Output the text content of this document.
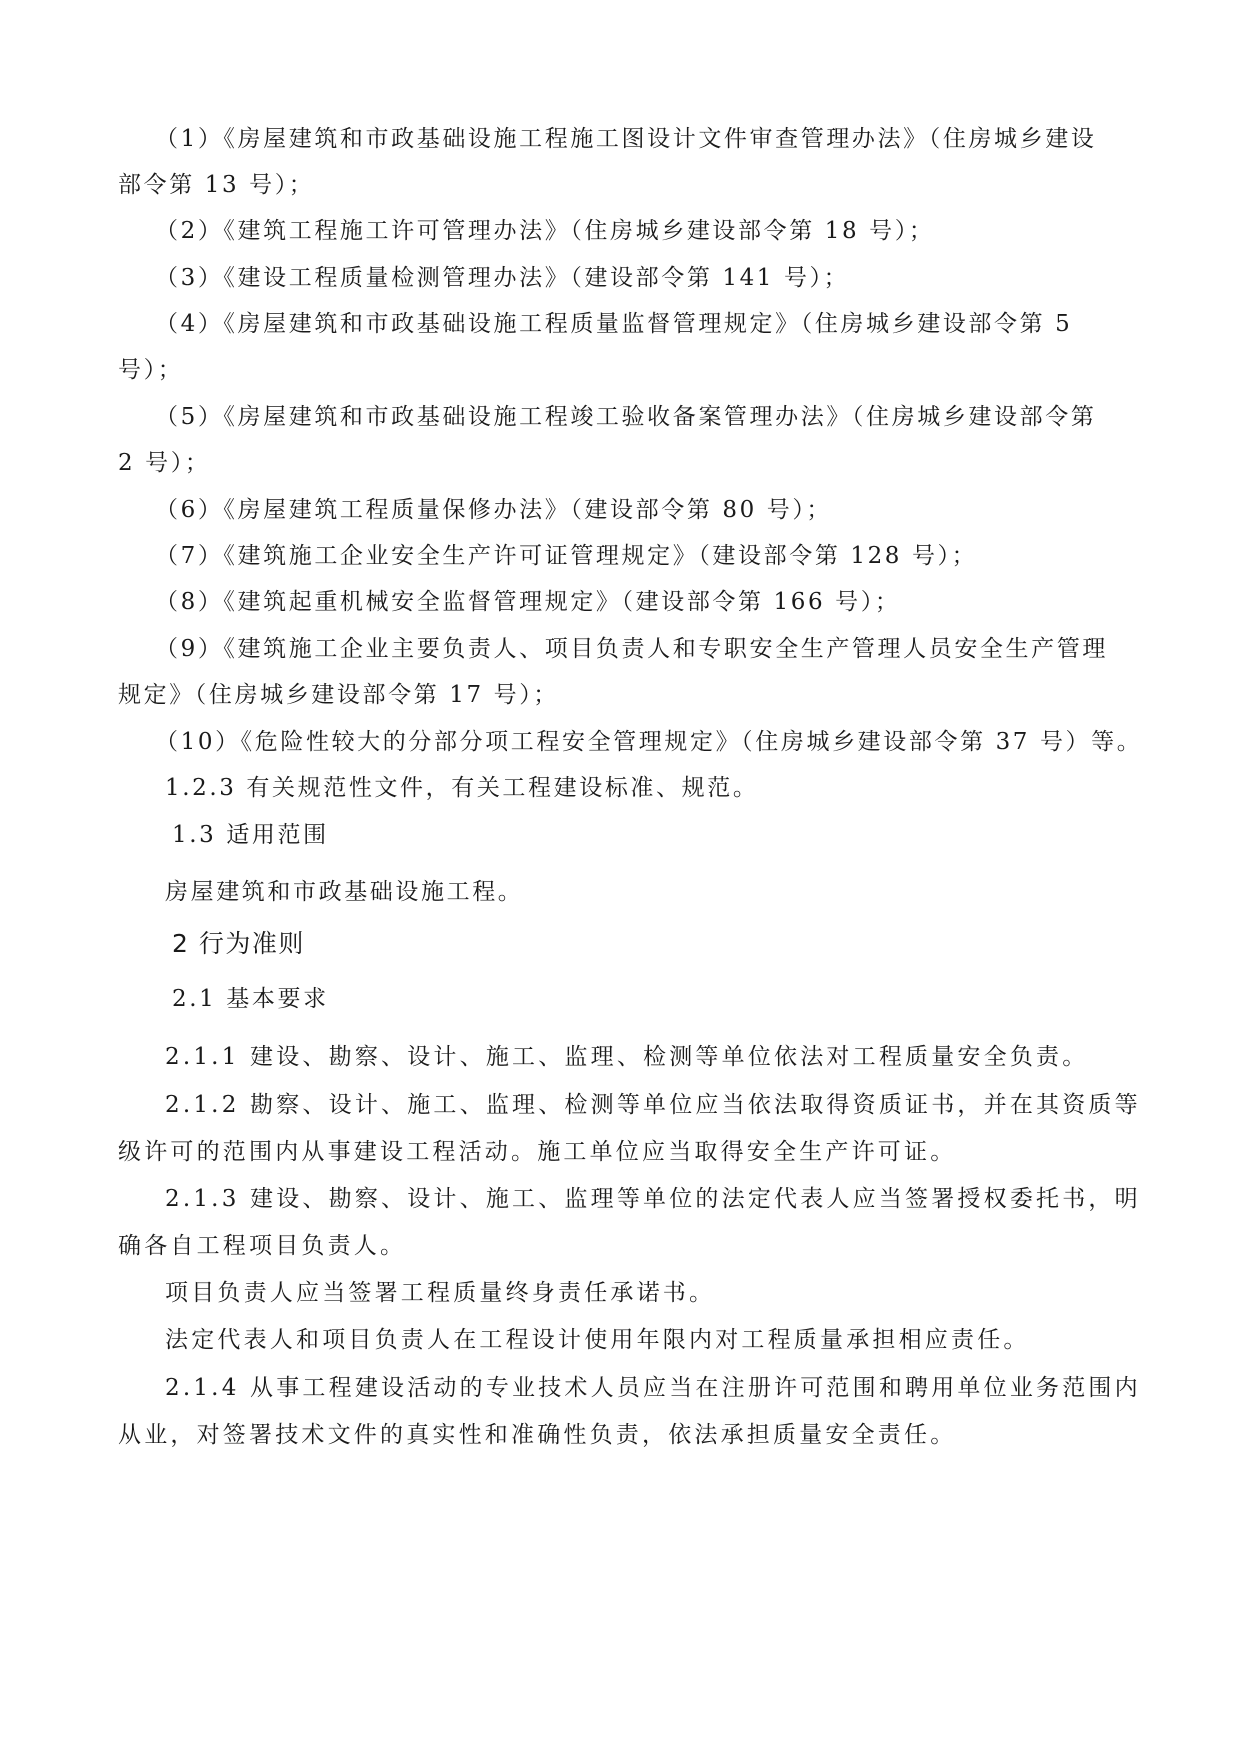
（1）《房屋建筑和市政基础设施工程施工图设计文件审查管理办法》（住房城乡建设

部令第 13 号）；

（2）《建筑工程施工许可管理办法》（住房城乡建设部令第 18 号）；

（3）《建设工程质量检测管理办法》（建设部令第 141 号）；

（4）《房屋建筑和市政基础设施工程质量监督管理规定》（住房城乡建设部令第 5

号）；

（5）《房屋建筑和市政基础设施工程竣工验收备案管理办法》（住房城乡建设部令第

2 号）；

（6）《房屋建筑工程质量保修办法》（建设部令第 80 号）；

（7）《建筑施工企业安全生产许可证管理规定》（建设部令第 128 号）；

（8）《建筑起重机械安全监督管理规定》（建设部令第 166 号）；

（9）《建筑施工企业主要负责人、项目负责人和专职安全生产管理人员安全生产管理

规定》（住房城乡建设部令第 17 号）；

（10）《危险性较大的分部分项工程安全管理规定》（住房城乡建设部令第 37 号）等。

1.2.3 有关规范性文件，有关工程建设标准、规范。

1.3 适用范围

房屋建筑和市政基础设施工程。

2 行为准则

2.1 基本要求

2.1.1 建设、勘察、设计、施工、监理、检测等单位依法对工程质量安全负责。

2.1.2 勘察、设计、施工、监理、检测等单位应当依法取得资质证书，并在其资质等

级许可的范围内从事建设工程活动。施工单位应当取得安全生产许可证。

2.1.3 建设、勘察、设计、施工、监理等单位的法定代表人应当签署授权委托书，明

确各自工程项目负责人。

项目负责人应当签署工程质量终身责任承诺书。

法定代表人和项目负责人在工程设计使用年限内对工程质量承担相应责任。

2.1.4 从事工程建设活动的专业技术人员应当在注册许可范围和聘用单位业务范围内

从业，对签署技术文件的真实性和准确性负责，依法承担质量安全责任。
